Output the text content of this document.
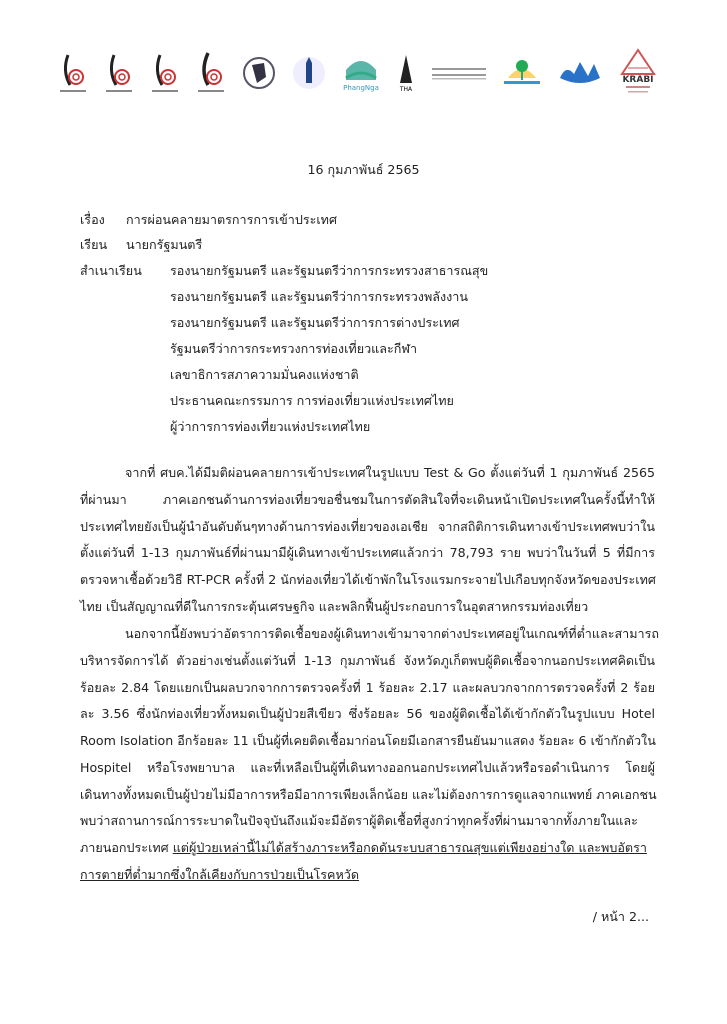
PhangNga	THA
KRABI
16 กุมภาพันธ์ 2565
เรื่อง การผ่อนคลายมาตรการการเข้าประเทศ
เรียน นายกรัฐมนตรี
สำเนาเรียน รองนายกรัฐมนตรี และรัฐมนตรีว่าการกระทรวงสาธารณสุข
รองนายกรัฐมนตรี และรัฐมนตรีว่าการกระทรวงพลังงาน
รองนายกรัฐมนตรี และรัฐมนตรีว่าการการต่างประเทศ
รัฐมนตรีว่าการกระทรวงการท่องเที่ยวและกีฬา
เลขาธิการสภาความมั่นคงแห่งชาติ
ประธานคณะกรรมการ การท่องเที่ยวแห่งประเทศไทย
ผู้ว่าการการท่องเที่ยวแห่งประเทศไทย
จากที่ ศบค.ได้มีมติผ่อนคลายการเข้าประเทศในรูปแบบ Test & Go ตั้งแต่วันที่ 1 กุมภาพันธ์ 2565
ที่ผ่านมา ภาคเอกชนด้านการท่องเที่ยวขอชื่นชมในการตัดสินใจที่จะเดินหน้าเปิดประเทศในครั้งนี้ทำให้
ประเทศไทยยังเป็นผู้นำอันดับต้นๆทางด้านการท่องเที่ยวของเอเชีย จากสถิติการเดินทางเข้าประเทศพบว่าใน
ตั้งแต่วันที่ 1-13 กุมภาพันธ์ที่ผ่านมามีผู้เดินทางเข้าประเทศแล้วกว่า 78,793 ราย พบว่าในวันที่ 5 ที่มีการ
ตรวจหาเชื้อด้วยวิธี RT-PCR ครั้งที่ 2 นักท่องเที่ยวได้เข้าพักในโรงแรมกระจายไปเกือบทุกจังหวัดของประเทศ
ไทย เป็นสัญญาณที่ดีในการกระตุ้นเศรษฐกิจ และพลิกฟื้นผู้ประกอบการในอุตสาหกรรมท่องเที่ยว
นอกจากนี้ยังพบว่าอัตราการติดเชื้อของผู้เดินทางเข้ามาจากต่างประเทศอยู่ในเกณฑ์ที่ต่ำและสามารถ
บริหารจัดการได้ ตัวอย่างเช่นตั้งแต่วันที่ 1-13 กุมภาพันธ์ จังหวัดภูเก็ตพบผู้ติดเชื้อจากนอกประเทศคิดเป็น
ร้อยละ 2.84 โดยแยกเป็นผลบวกจากการตรวจครั้งที่ 1 ร้อยละ 2.17 และผลบวกจากการตรวจครั้งที่ 2 ร้อย
ละ 3.56 ซึ่งนักท่องเที่ยวทั้งหมดเป็นผู้ป่วยสีเขียว ซึ่งร้อยละ 56 ของผู้ติดเชื้อได้เข้ากักตัวในรูปแบบ Hotel
Room Isolation อีกร้อยละ 11 เป็นผู้ที่เคยติดเชื้อมาก่อนโดยมีเอกสารยืนยันมาแสดง ร้อยละ 6 เข้ากักตัวใน
Hospitel หรือโรงพยาบาล และที่เหลือเป็นผู้ที่เดินทางออกนอกประเทศไปแล้วหรือรอดำเนินการ โดยผู้
เดินทางทั้งหมดเป็นผู้ป่วยไม่มีอาการหรือมีอาการเพียงเล็กน้อย และไม่ต้องการการดูแลจากแพทย์ ภาคเอกชน
พบว่าสถานการณ์การระบาดในปัจจุบันถึงแม้จะมีอัตราผู้ติดเชื้อที่สูงกว่าทุกครั้งที่ผ่านมาจากทั้งภายในและ
ภายนอกประเทศ แต่ผู้ป่วยเหล่านี้ไม่ได้สร้างภาระหรือกดดันระบบสาธารณสุขแต่เพียงอย่างใด และพบอัตรา
การตายที่ต่ำมากซึ่งใกล้เคียงกับการป่วยเป็นโรคหวัด
/ หน้า 2...
